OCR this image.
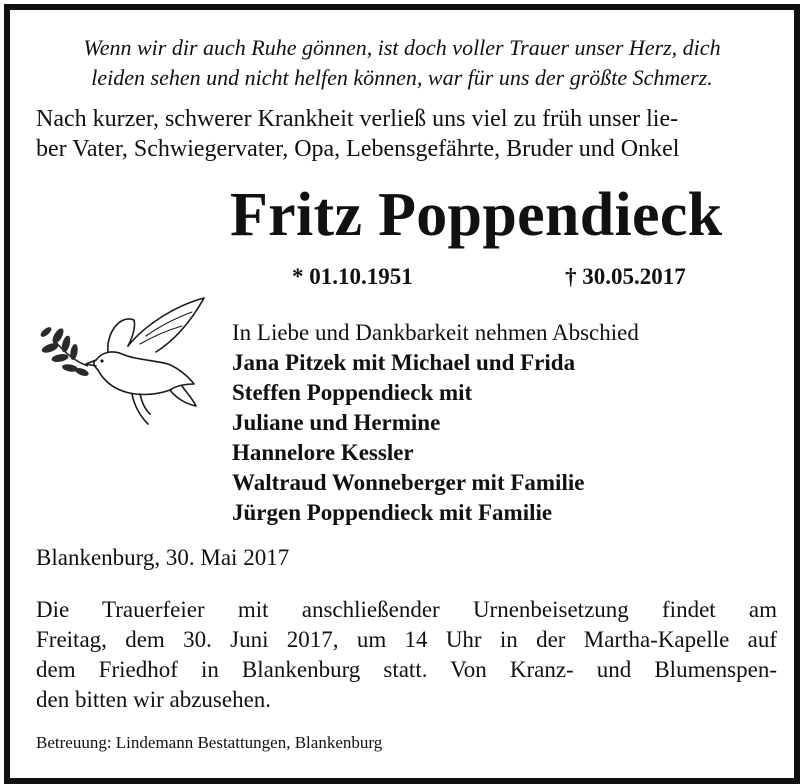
Wenn wir dir auch Ruhe gönnen, ist doch voller Trauer unser Herz, dich
leiden sehen und nicht helfen können, war für uns der größte Schmerz.
Nach kurzer, schwerer Krankheit verließ uns viel zu früh unser lie-
ber Vater, Schwiegervater, Opa, Lebensgefährte, Bruder und Onkel
Fritz Poppendieck
* 01.10.1951	† 30.05.2017
In Liebe und Dankbarkeit nehmen Abschied
Jana Pitzek mit Michael und Frida
Steffen Poppendieck mit
Juliane und Hermine
Hannelore Kessler
Waltraud Wonneberger mit Familie
Jürgen Poppendieck mit Familie
Blankenburg, 30. Mai 2017
Die Trauerfeier mit anschließender Urnenbeisetzung findet am
Freitag, dem 30. Juni 2017, um 14 Uhr in der Martha-Kapelle auf
dem Friedhof in Blankenburg statt. Von Kranz- und Blumenspen-
den bitten wir abzusehen.
Betreuung: Lindemann Bestattungen, Blankenburg
